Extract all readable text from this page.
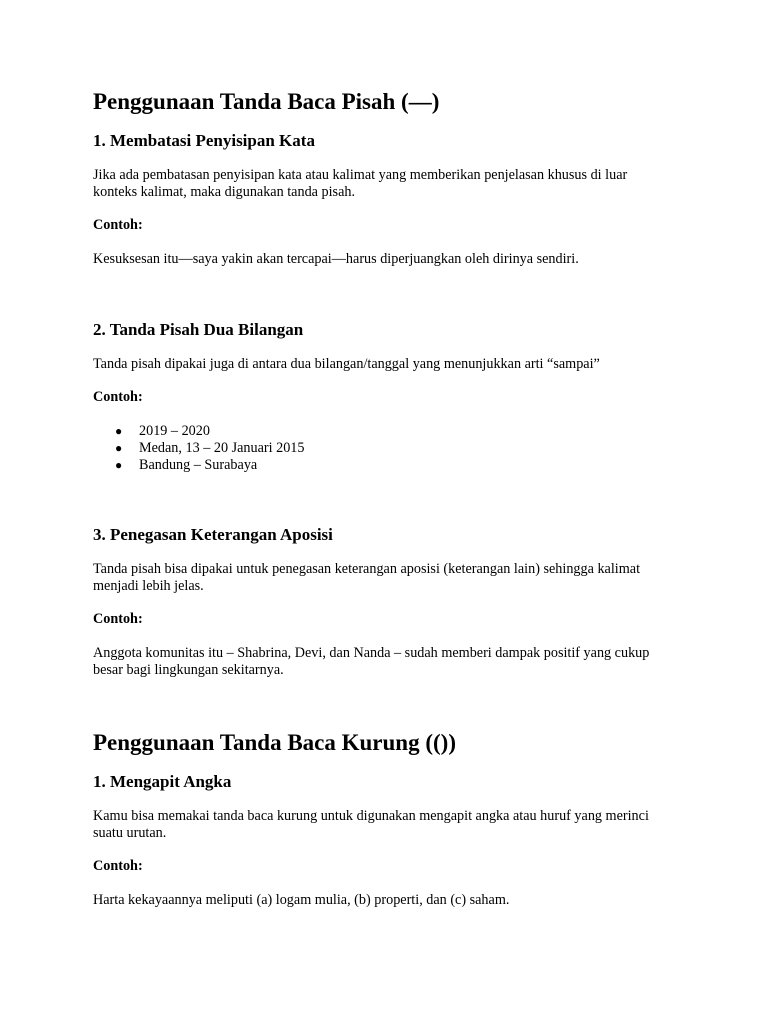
Penggunaan Tanda Baca Pisah (—)
1. Membatasi Penyisipan Kata

Jika ada pembatasan penyisipan kata atau kalimat yang memberikan penjelasan khusus di luar konteks kalimat, maka digunakan tanda pisah.

Contoh:

Kesuksesan itu—saya yakin akan tercapai—harus diperjuangkan oleh dirinya sendiri.

2. Tanda Pisah Dua Bilangan

Tanda pisah dipakai juga di antara dua bilangan/tanggal yang menunjukkan arti “sampai”

Contoh:

● 2019 – 2020
● Medan, 13 – 20 Januari 2015
● Bandung – Surabaya
3. Penegasan Keterangan Aposisi

Tanda pisah bisa dipakai untuk penegasan keterangan aposisi (keterangan lain) sehingga kalimat menjadi lebih jelas.

Contoh:

Anggota komunitas itu – Shabrina, Devi, dan Nanda – sudah memberi dampak positif yang cukup besar bagi lingkungan sekitarnya.

Penggunaan Tanda Baca Kurung (())
1. Mengapit Angka

Kamu bisa memakai tanda baca kurung untuk digunakan mengapit angka atau huruf yang merinci suatu urutan.

Contoh:

Harta kekayaannya meliputi (a) logam mulia, (b) properti, dan (c) saham.
